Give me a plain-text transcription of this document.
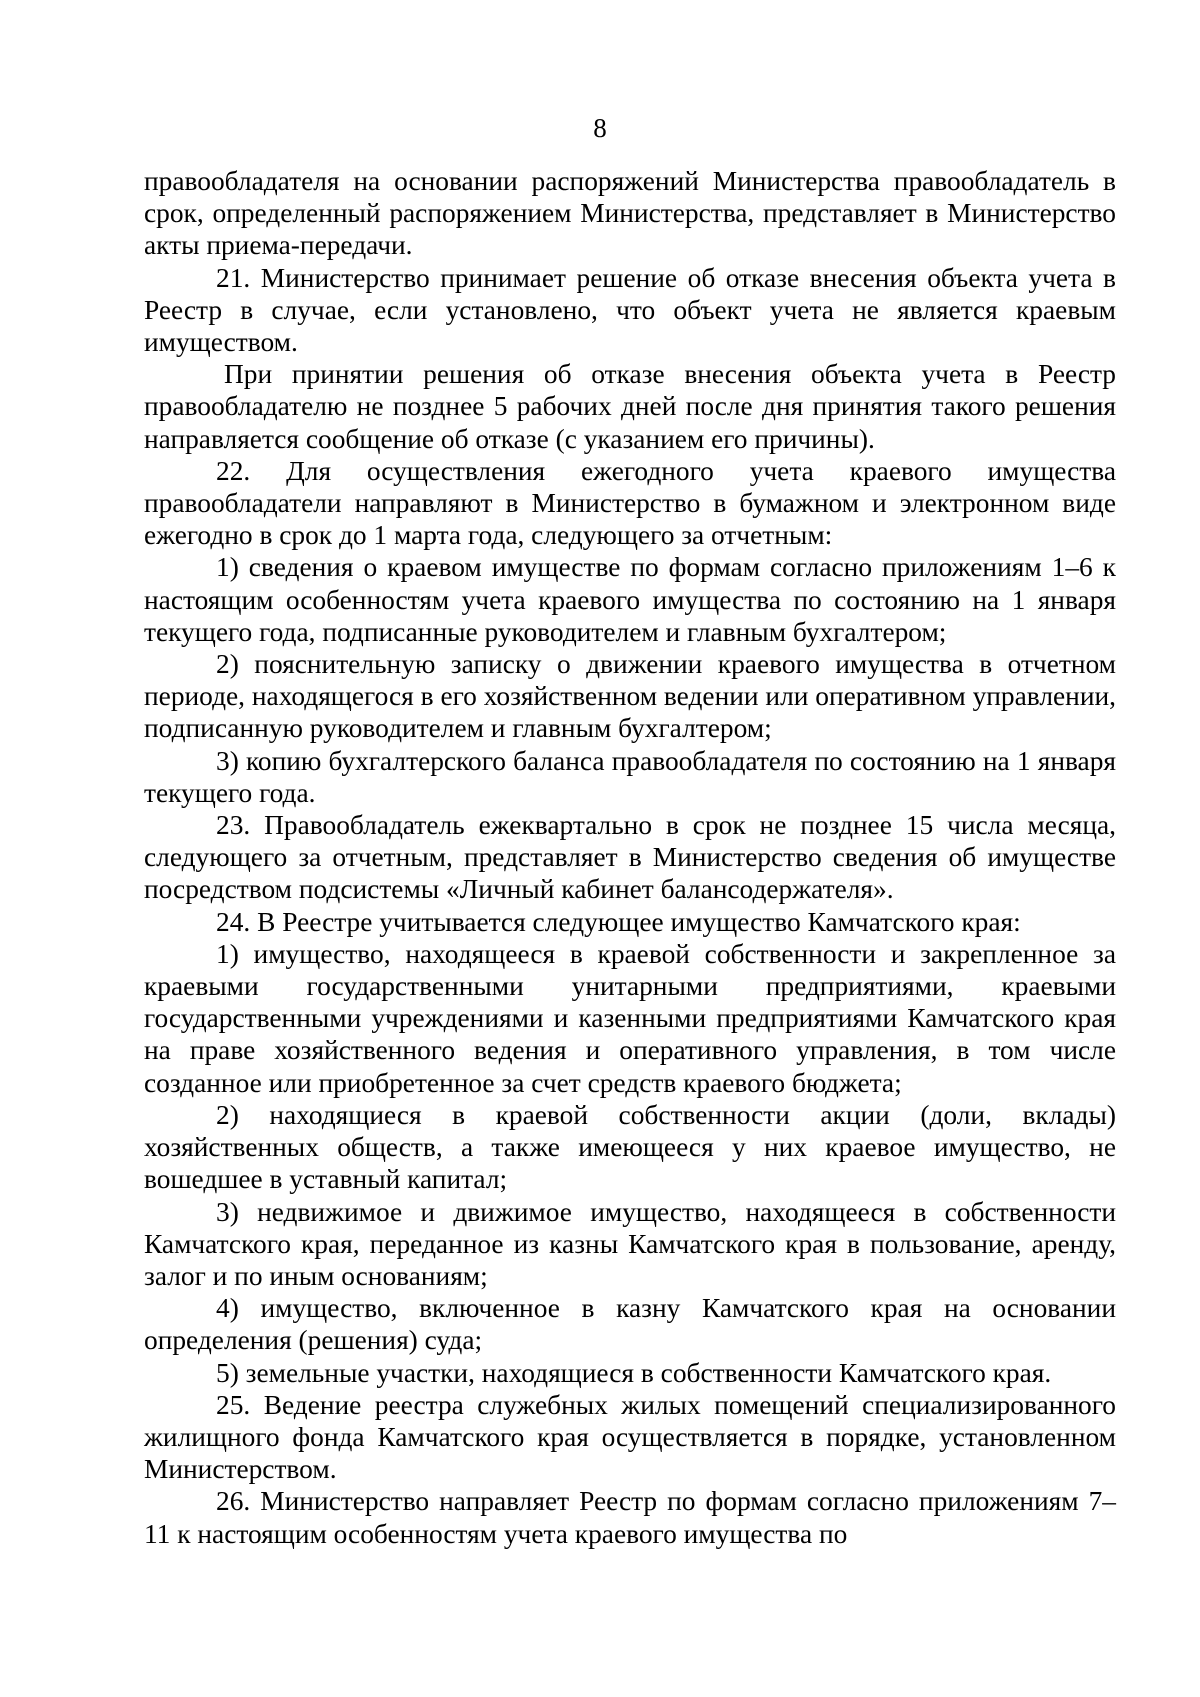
8

правообладателя на основании распоряжений Министерства правообладатель в срок, определенный распоряжением Министерства, представляет в Министерство акты приема-передачи.

21. Министерство принимает решение об отказе внесения объекта учета в Реестр в случае, если установлено, что объект учета не является краевым имуществом.

При принятии решения об отказе внесения объекта учета в Реестр правообладателю не позднее 5 рабочих дней после дня принятия такого решения направляется сообщение об отказе (с указанием его причины).

22. Для осуществления ежегодного учета краевого имущества правообладатели направляют в Министерство в бумажном и электронном виде ежегодно в срок до 1 марта года, следующего за отчетным:

1) сведения о краевом имуществе по формам согласно приложениям 1–6 к настоящим особенностям учета краевого имущества по состоянию на 1 января текущего года, подписанные руководителем и главным бухгалтером;

2) пояснительную записку о движении краевого имущества в отчетном периоде, находящегося в его хозяйственном ведении или оперативном управлении, подписанную руководителем и главным бухгалтером;

3) копию бухгалтерского баланса правообладателя по состоянию на 1 января текущего года.

23. Правообладатель ежеквартально в срок не позднее 15 числа месяца, следующего за отчетным, представляет в Министерство сведения об имуществе посредством подсистемы «Личный кабинет балансодержателя».

24. В Реестре учитывается следующее имущество Камчатского края:

1) имущество, находящееся в краевой собственности и закрепленное за краевыми государственными унитарными предприятиями, краевыми государственными учреждениями и казенными предприятиями Камчатского края на праве хозяйственного ведения и оперативного управления, в том числе созданное или приобретенное за счет средств краевого бюджета;

2) находящиеся в краевой собственности акции (доли, вклады) хозяйственных обществ, а также имеющееся у них краевое имущество, не вошедшее в уставный капитал;

3) недвижимое и движимое имущество, находящееся в собственности Камчатского края, переданное из казны Камчатского края в пользование, аренду, залог и по иным основаниям;

4) имущество, включенное в казну Камчатского края на основании определения (решения) суда;

5) земельные участки, находящиеся в собственности Камчатского края.

25. Ведение реестра служебных жилых помещений специализированного жилищного фонда Камчатского края осуществляется в порядке, установленном Министерством.

26. Министерство направляет Реестр по формам согласно приложениям 7–11 к настоящим особенностям учета краевого имущества по
